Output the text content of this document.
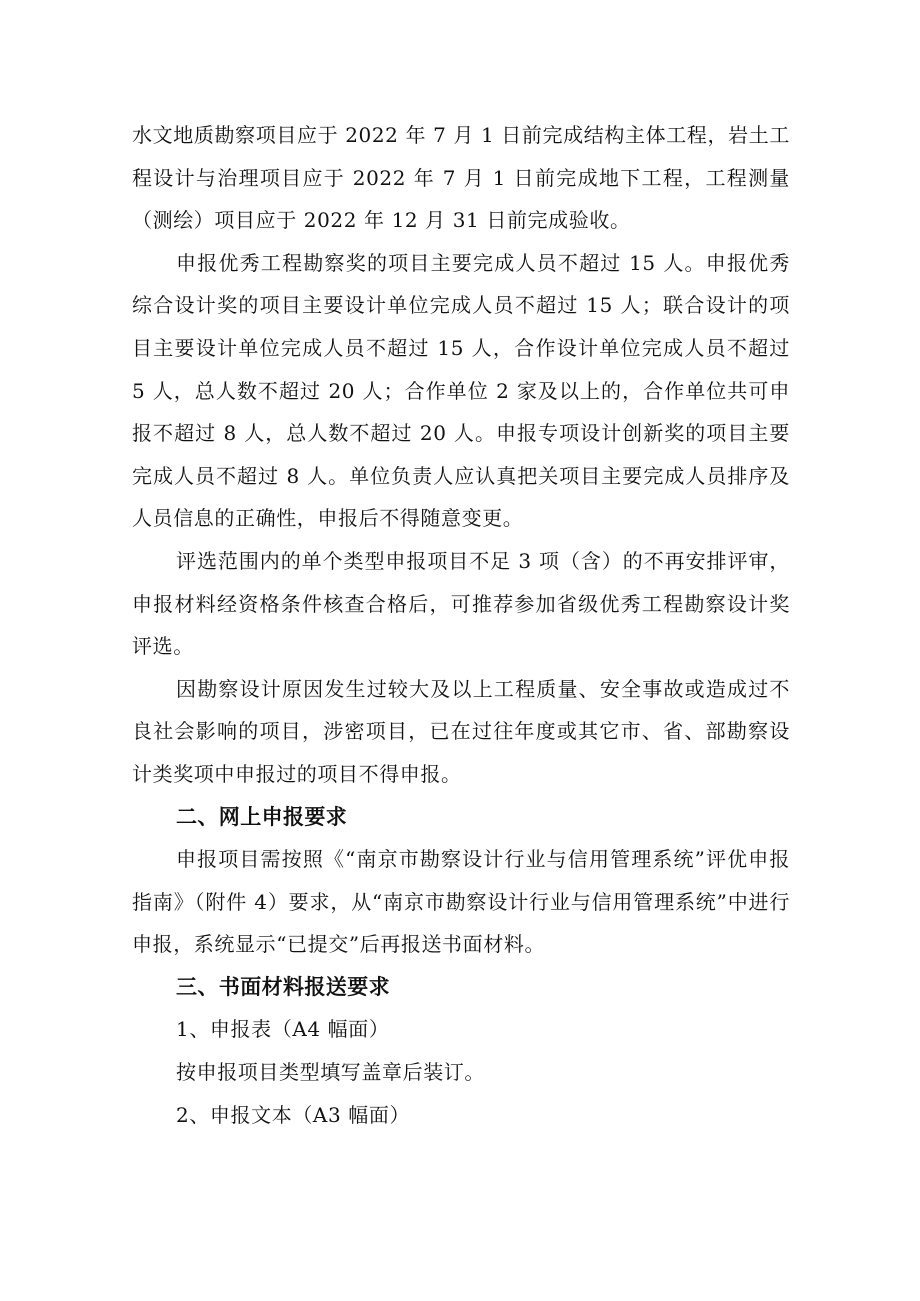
水文地质勘察项目应于 2022 年 7 月 1 日前完成结构主体工程，岩土工程设计与治理项目应于 2022 年 7 月 1 日前完成地下工程，工程测量（测绘）项目应于 2022 年 12 月 31 日前完成验收。

申报优秀工程勘察奖的项目主要完成人员不超过 15 人。申报优秀综合设计奖的项目主要设计单位完成人员不超过 15 人；联合设计的项目主要设计单位完成人员不超过 15 人，合作设计单位完成人员不超过 5 人，总人数不超过 20 人；合作单位 2 家及以上的，合作单位共可申报不超过 8 人，总人数不超过 20 人。申报专项设计创新奖的项目主要完成人员不超过 8 人。单位负责人应认真把关项目主要完成人员排序及人员信息的正确性，申报后不得随意变更。

评选范围内的单个类型申报项目不足 3 项（含）的不再安排评审，申报材料经资格条件核查合格后，可推荐参加省级优秀工程勘察设计奖评选。

因勘察设计原因发生过较大及以上工程质量、安全事故或造成过不良社会影响的项目，涉密项目，已在过往年度或其它市、省、部勘察设计类奖项中申报过的项目不得申报。

二、网上申报要求

申报项目需按照《“南京市勘察设计行业与信用管理系统”评优申报指南》（附件 4）要求，从“南京市勘察设计行业与信用管理系统”中进行申报，系统显示“已提交”后再报送书面材料。

三、书面材料报送要求

1、申报表（A4 幅面）

按申报项目类型填写盖章后装订。

2、申报文本（A3 幅面）
